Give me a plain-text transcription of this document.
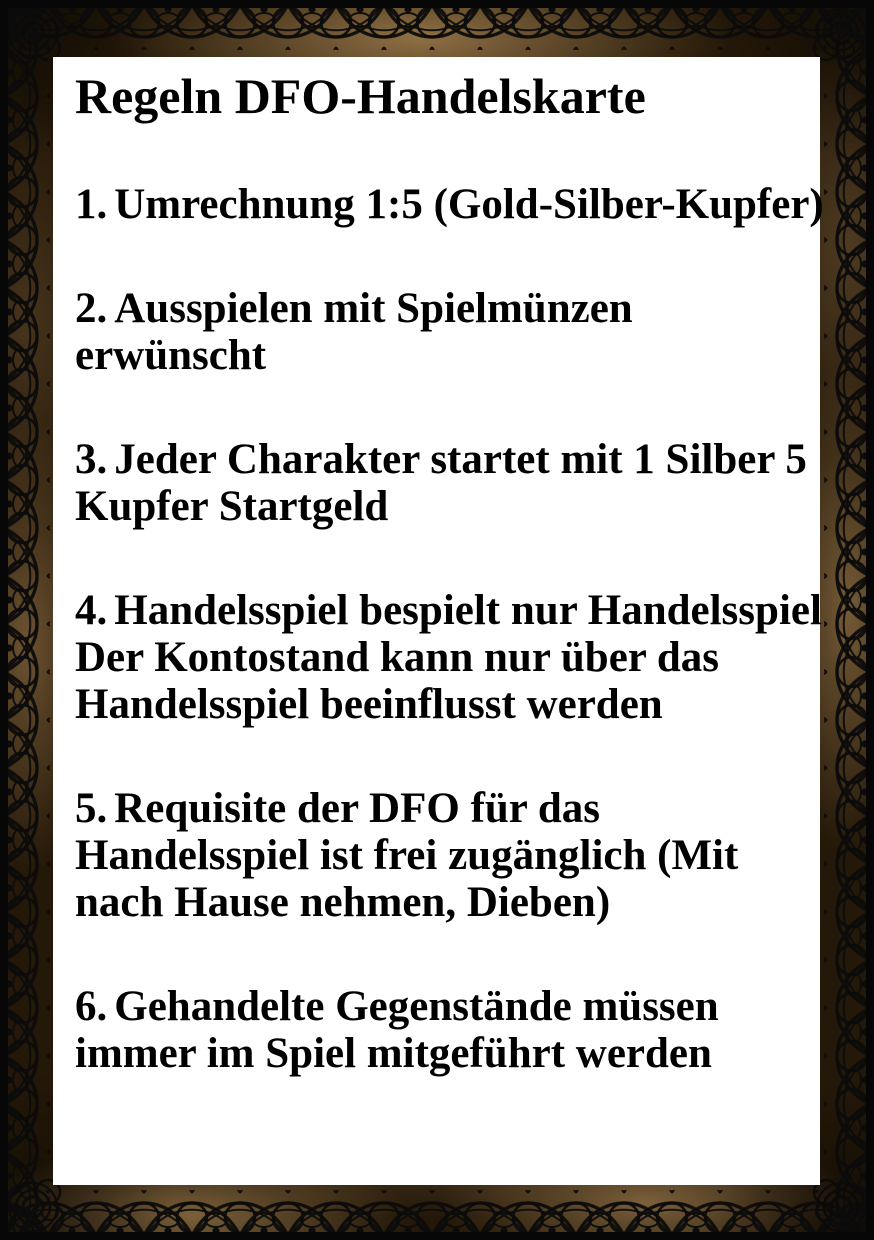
Regeln DFO-Handelskarte
1. Umrechnung 1:5 (Gold-Silber-Kupfer)
2. Ausspielen mit Spielmünzen
erwünscht
3. Jeder Charakter startet mit 1 Silber 5
Kupfer Startgeld
4. Handelsspiel bespielt nur Handelsspiel
Der Kontostand kann nur über das
Handelsspiel beeinflusst werden
5. Requisite der DFO für das
Handelsspiel ist frei zugänglich (Mit
nach Hause nehmen, Dieben)
6. Gehandelte Gegenstände müssen
immer im Spiel mitgeführt werden
